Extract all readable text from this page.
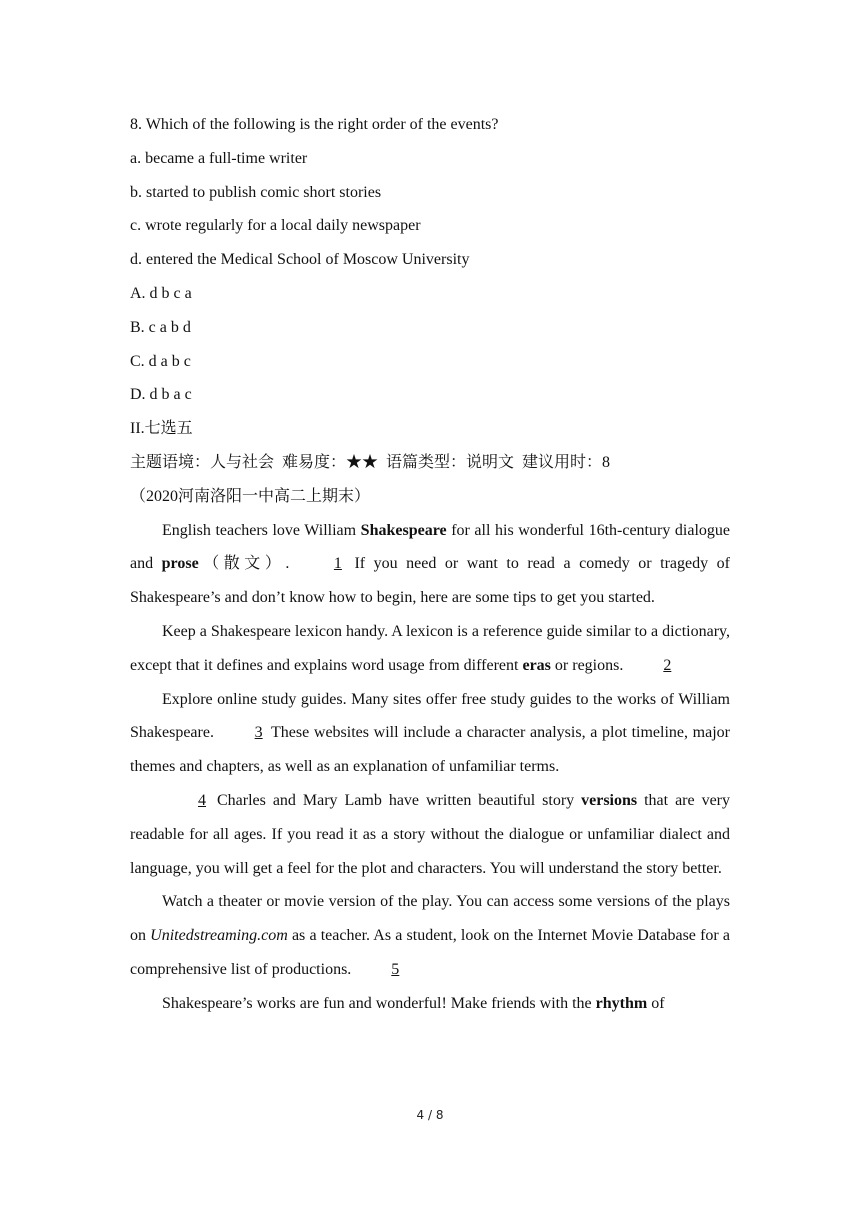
8. Which of the following is the right order of the events?
a. became a full-time writer
b. started to publish comic short stories
c. wrote regularly for a local daily newspaper
d. entered the Medical School of Moscow University
A. d b c a
B. c a b d
C. d a b c
D. d b a c
II.七选五
主题语境：人与社会 难易度：★★ 语篇类型：说明文 建议用时：8
（2020河南洛阳一中高二上期末）

English teachers love William Shakespeare for all his wonderful 16th-century dialogue and prose（散文）. 1 If you need or want to read a comedy or tragedy of Shakespeare’s and don’t know how to begin, here are some tips to get you started.

Keep a Shakespeare lexicon handy. A lexicon is a reference guide similar to a dictionary, except that it defines and explains word usage from different eras or regions. 2

Explore online study guides. Many sites offer free study guides to the works of William Shakespeare. 3 These websites will include a character analysis, a plot timeline, major themes and chapters, as well as an explanation of unfamiliar terms.

4 Charles and Mary Lamb have written beautiful story versions that are very readable for all ages. If you read it as a story without the dialogue or unfamiliar dialect and language, you will get a feel for the plot and characters. You will understand the story better.

Watch a theater or movie version of the play. You can access some versions of the plays on Unitedstreaming.com as a teacher. As a student, look on the Internet Movie Database for a comprehensive list of productions. 5

Shakespeare’s works are fun and wonderful! Make friends with the rhythm of

4 / 8
